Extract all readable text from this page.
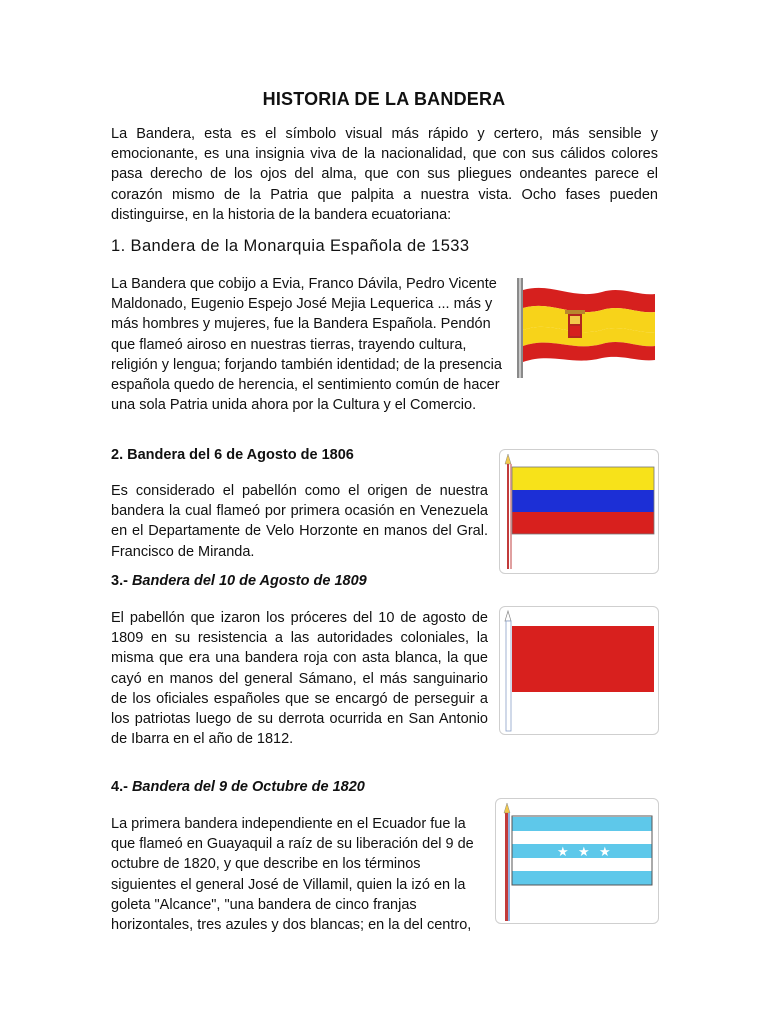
HISTORIA DE LA BANDERA
La Bandera, esta es el símbolo visual más rápido y certero, más sensible y emocionante, es una insignia viva de la nacionalidad, que con sus cálidos colores pasa derecho de los ojos del alma, que con sus pliegues ondeantes parece el corazón mismo de la Patria que palpita a nuestra vista. Ocho fases pueden distinguirse, en la historia de la bandera ecuatoriana:
1. Bandera de la Monarquia Española de 1533
La Bandera que cobijo a Evia, Franco Dávila, Pedro Vicente Maldonado, Eugenio Espejo José Mejia Lequerica ... más y más hombres y mujeres, fue la Bandera Española. Pendón que flameó airoso en nuestras tierras, trayendo cultura, religión y lengua; forjando también identidad; de la presencia española quedo de herencia, el sentimiento común de hacer una sola Patria unida ahora por la Cultura y el Comercio.
2. Bandera del 6 de Agosto de 1806
Es considerado el pabellón como el origen de nuestra bandera la cual flameó por primera ocasión en Venezuela en el Departamente de Velo Horzonte en manos del Gral. Francisco de Miranda.
3.- Bandera del 10 de Agosto de 1809
El pabellón que izaron los próceres del 10 de agosto de 1809 en su resistencia a las autoridades coloniales, la misma que era una bandera roja con asta blanca, la que cayó en manos del general Sámano, el más sanguinario de los oficiales españoles que se encargó de perseguir a los patriotas luego de su derrota ocurrida en San Antonio de Ibarra en el año de 1812.
4.- Bandera del 9 de Octubre de 1820
La primera bandera independiente en el Ecuador fue la que flameó en Guayaquil a raíz de su liberación del 9 de octubre de 1820, y que describe en los términos siguientes el general José de Villamil, quien la izó en la goleta "Alcance", "una bandera de cinco franjas horizontales, tres azules y dos blancas; en la del centro,
★ ★ ★
